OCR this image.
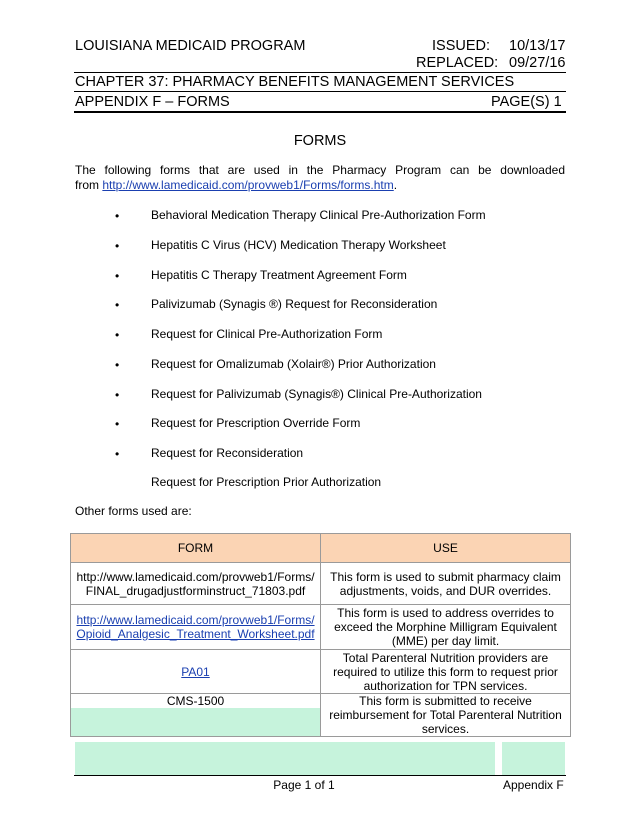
LOUISIANA MEDICAID PROGRAM	ISSUED: 10/13/17
REPLACED: 09/27/16
CHAPTER 37: PHARMACY BENEFITS MANAGEMENT SERVICES
APPENDIX F – FORMS	PAGE(S) 1
FORMS
The following forms that are used in the Pharmacy Program can be downloaded
from http://www.lamedicaid.com/provweb1/Forms/forms.htm.
•	Behavioral Medication Therapy Clinical Pre-Authorization Form
•	Hepatitis C Virus (HCV) Medication Therapy Worksheet
•	Hepatitis C Therapy Treatment Agreement Form
•	Palivizumab (Synagis ®) Request for Reconsideration
•	Request for Clinical Pre-Authorization Form
•	Request for Omalizumab (Xolair®) Prior Authorization
•	Request for Palivizumab (Synagis®) Clinical Pre-Authorization
•	Request for Prescription Override Form
•	Request for Reconsideration
Request for Prescription Prior Authorization
Other forms used are:
FORM	USE

http://www.lamedicaid.com/provweb1/Forms/
FINAL_drugadjustforminstruct_71803.pdf	This form is used to submit pharmacy claim adjustments, voids, and DUR overrides.

http://www.lamedicaid.com/provweb1/Forms/
Opioid_Analgesic_Treatment_Worksheet.pdf	This form is used to address overrides to exceed the Morphine Milligram Equivalent (MME) per day limit.
PA01	Total Parenteral Nutrition providers are required to utilize this form to request prior authorization for TPN services.

CMS-1500	This form is submitted to receive reimbursement for Total Parenteral Nutrition services.
Page 1 of 1	Appendix F
